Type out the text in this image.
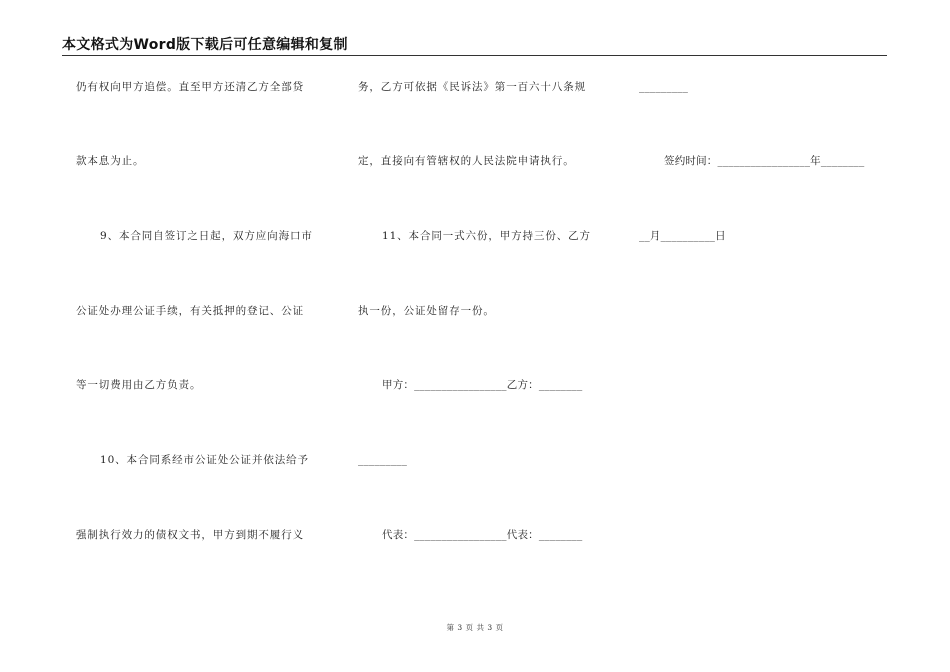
本文格式为Word版下载后可任意编辑和复制
仍有权向甲方追偿。直至甲方还清乙方全部贷
款本息为止。
9、本合同自签订之日起，双方应向海口市
公证处办理公证手续，有关抵押的登记、公证
等一切费用由乙方负责。
10、本合同系经市公证处公证并依法给予
强制执行效力的债权文书，甲方到期不履行义
务，乙方可依据《民诉法》第一百六十八条规
定，直接向有管辖权的人民法院申请执行。
11、本合同一式六份，甲方持三份、乙方
执一份，公证处留存一份。
甲方：_________________乙方：________
_________
代表：_________________代表：________
_________
签约时间：_________________年________
__月__________日
第 3 页 共 3 页
